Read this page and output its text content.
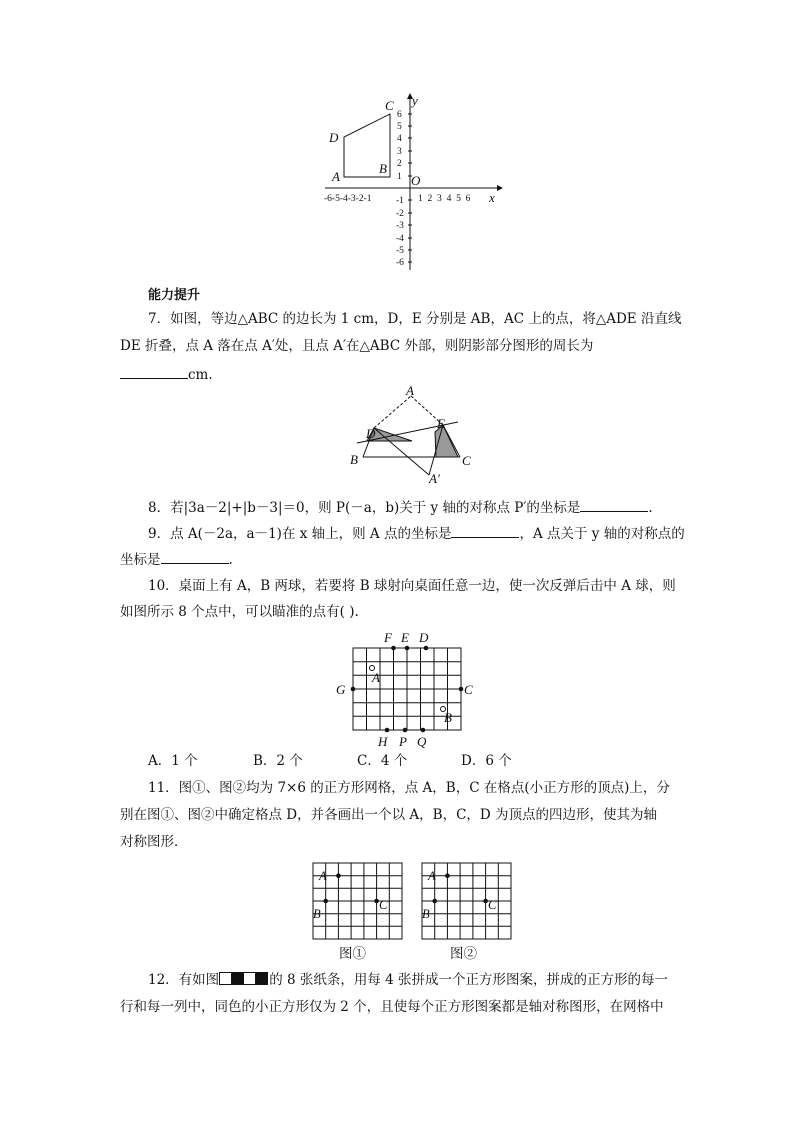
6
5
4
3
2
1
-1
-2
-3
-4
-5
-6
-6-5-4-3-2-1	1 2 3 4 5 6 x
y
O
A
B
C
D
能力提升
7．如图，等边△ABC 的边长为 1 cm，D，E 分别是 AB，AC 上的点，将△ADE 沿直线
DE 折叠，点 A 落在点 A′处，且点 A′在△ABC 外部，则阴影部分图形的周长为
cm.
A
D
E
B	C
A′
8．若|3a－2|+|b－3|＝0，则 P(－a，b)关于 y 轴的对称点 P′的坐标是	.
9．点 A(－2a，a－1)在 x 轴上，则 A 点的坐标是	，A 点关于 y 轴的对称点的
坐标是	.
10．桌面上有 A，B 两球，若要将 B 球射向桌面任意一边，使一次反弹后击中 A 球，则
如图所示 8 个点中，可以瞄准的点有( ).
F E D
A
G	C
B
H P Q
A．1 个	B．2 个	C．4 个	D．6 个
11．图①、图②均为 7×6 的正方形网格，点 A，B，C 在格点(小正方形的顶点)上，分
别在图①、图②中确定格点 D，并各画出一个以 A，B，C，D 为顶点的四边形，使其为轴
对称图形．
A
B
C
图①
A
B
C
图②
12．有如图	的 8 张纸条，用每 4 张拼成一个正方形图案，拼成的正方形的每一
行和每一列中，同色的小正方形仅为 2 个，且使每个正方形图案都是轴对称图形，在网格中
